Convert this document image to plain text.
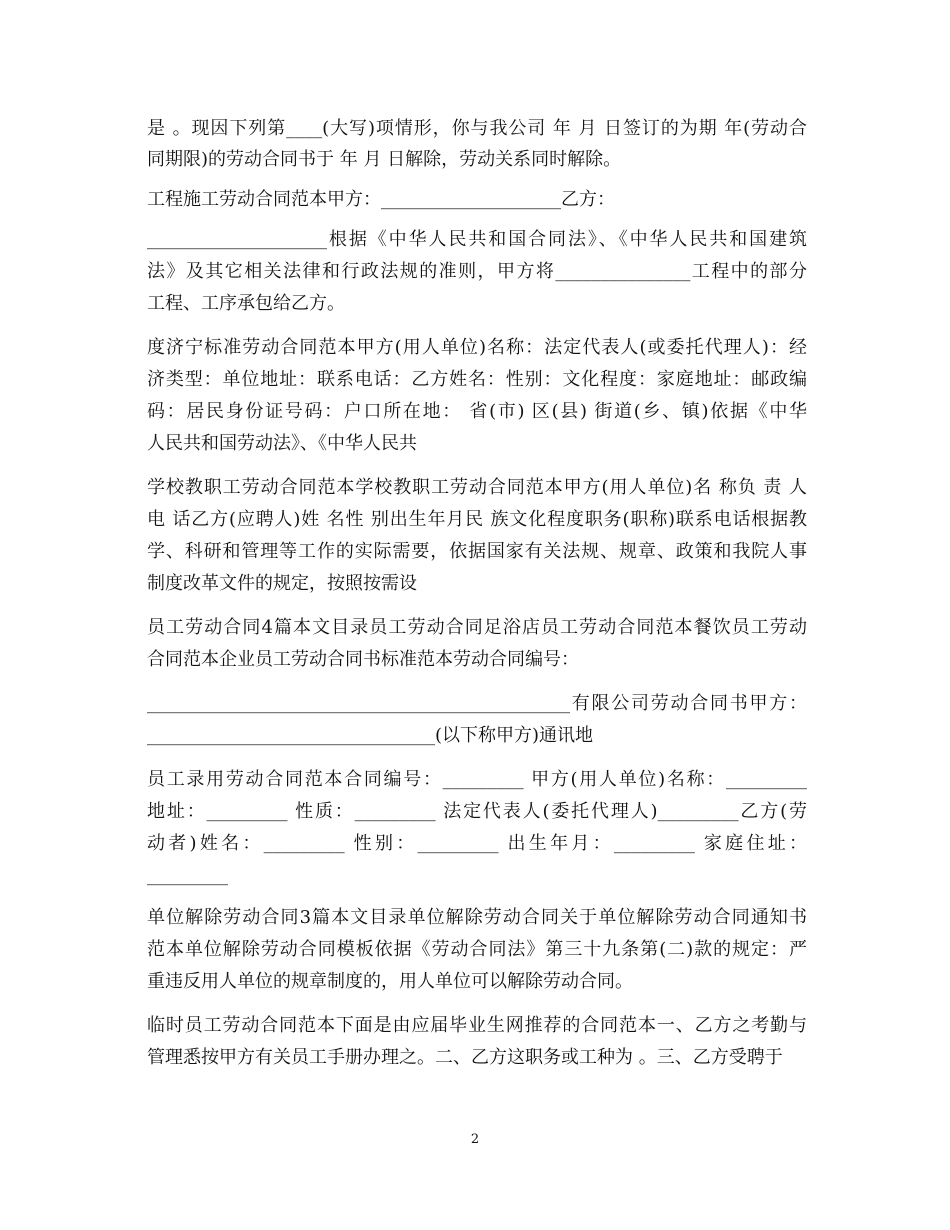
是 。现因下列第____(大写)项情形，你与我公司 年 月 日签订的为期 年(劳动合
同期限)的劳动合同书于 年 月 日解除，劳动关系同时解除。
工程施工劳动合同范本甲方：____________________乙方：
____________________根据《中华人民共和国合同法》、《中华人民共和国建筑
法》及其它相关法律和行政法规的准则，甲方将_______________工程中的部分
工程、工序承包给乙方。
度济宁标准劳动合同范本甲方(用人单位)名称：法定代表人(或委托代理人)：经
济类型：单位地址：联系电话：乙方姓名：性别：文化程度：家庭地址：邮政编
码：居民身份证号码：户口所在地： 省(市) 区(县) 街道(乡、镇)依据《中华
人民共和国劳动法》、《中华人民共
学校教职工劳动合同范本学校教职工劳动合同范本甲方(用人单位)名 称负 责 人
电 话乙方(应聘人)姓 名性 别出生年月民 族文化程度职务(职称)联系电话根据教
学、科研和管理等工作的实际需要，依据国家有关法规、规章、政策和我院人事
制度改革文件的规定，按照按需设
员工劳动合同4篇本文目录员工劳动合同足浴店员工劳动合同范本餐饮员工劳动
合同范本企业员工劳动合同书标准范本劳动合同编号：
_______________________________________________有限公司劳动合同书甲方：
________________________________(以下称甲方)通讯地
员工录用劳动合同范本合同编号：_________ 甲方(用人单位)名称：_________
地址：_________ 性质：_________ 法定代表人(委托代理人)_________乙方(劳
动者)姓名：_________ 性别：_________ 出生年月：_________ 家庭住址：
_________
单位解除劳动合同3篇本文目录单位解除劳动合同关于单位解除劳动合同通知书
范本单位解除劳动合同模板依据《劳动合同法》第三十九条第(二)款的规定：严
重违反用人单位的规章制度的，用人单位可以解除劳动合同。
临时员工劳动合同范本下面是由应届毕业生网推荐的合同范本一、乙方之考勤与
管理悉按甲方有关员工手册办理之。二、乙方这职务或工种为 。三、乙方受聘于
2
